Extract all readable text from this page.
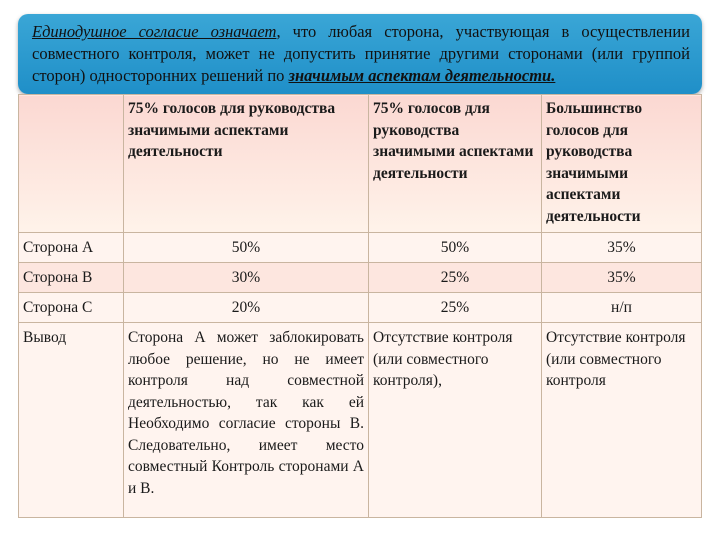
Единодушное согласие означает, что любая сторона, участвующая в осуществлении совместного контроля, может не допустить принятие другими сторонами (или группой сторон) односторонних решений по значимым аспектам деятельности.
	75% голосов для руководства значимыми аспектами деятельности	75% голосов для руководства значимыми аспектами деятельности	Большинство голосов для руководства значимыми аспектами деятельности
Сторона А	50%	50%	35%
Сторона В	30%	25%	35%
Сторона С	20%	25%	н/п
Вывод	Сторона А может заблокировать любое решение, но не имеет контроля над совместной деятельностью, так как ей Необходимо согласие стороны В. Следовательно, имеет место совместный Контроль сторонами А и В.	Отсутствие контроля (или совместного контроля),	Отсутствие контроля (или совместного контроля
